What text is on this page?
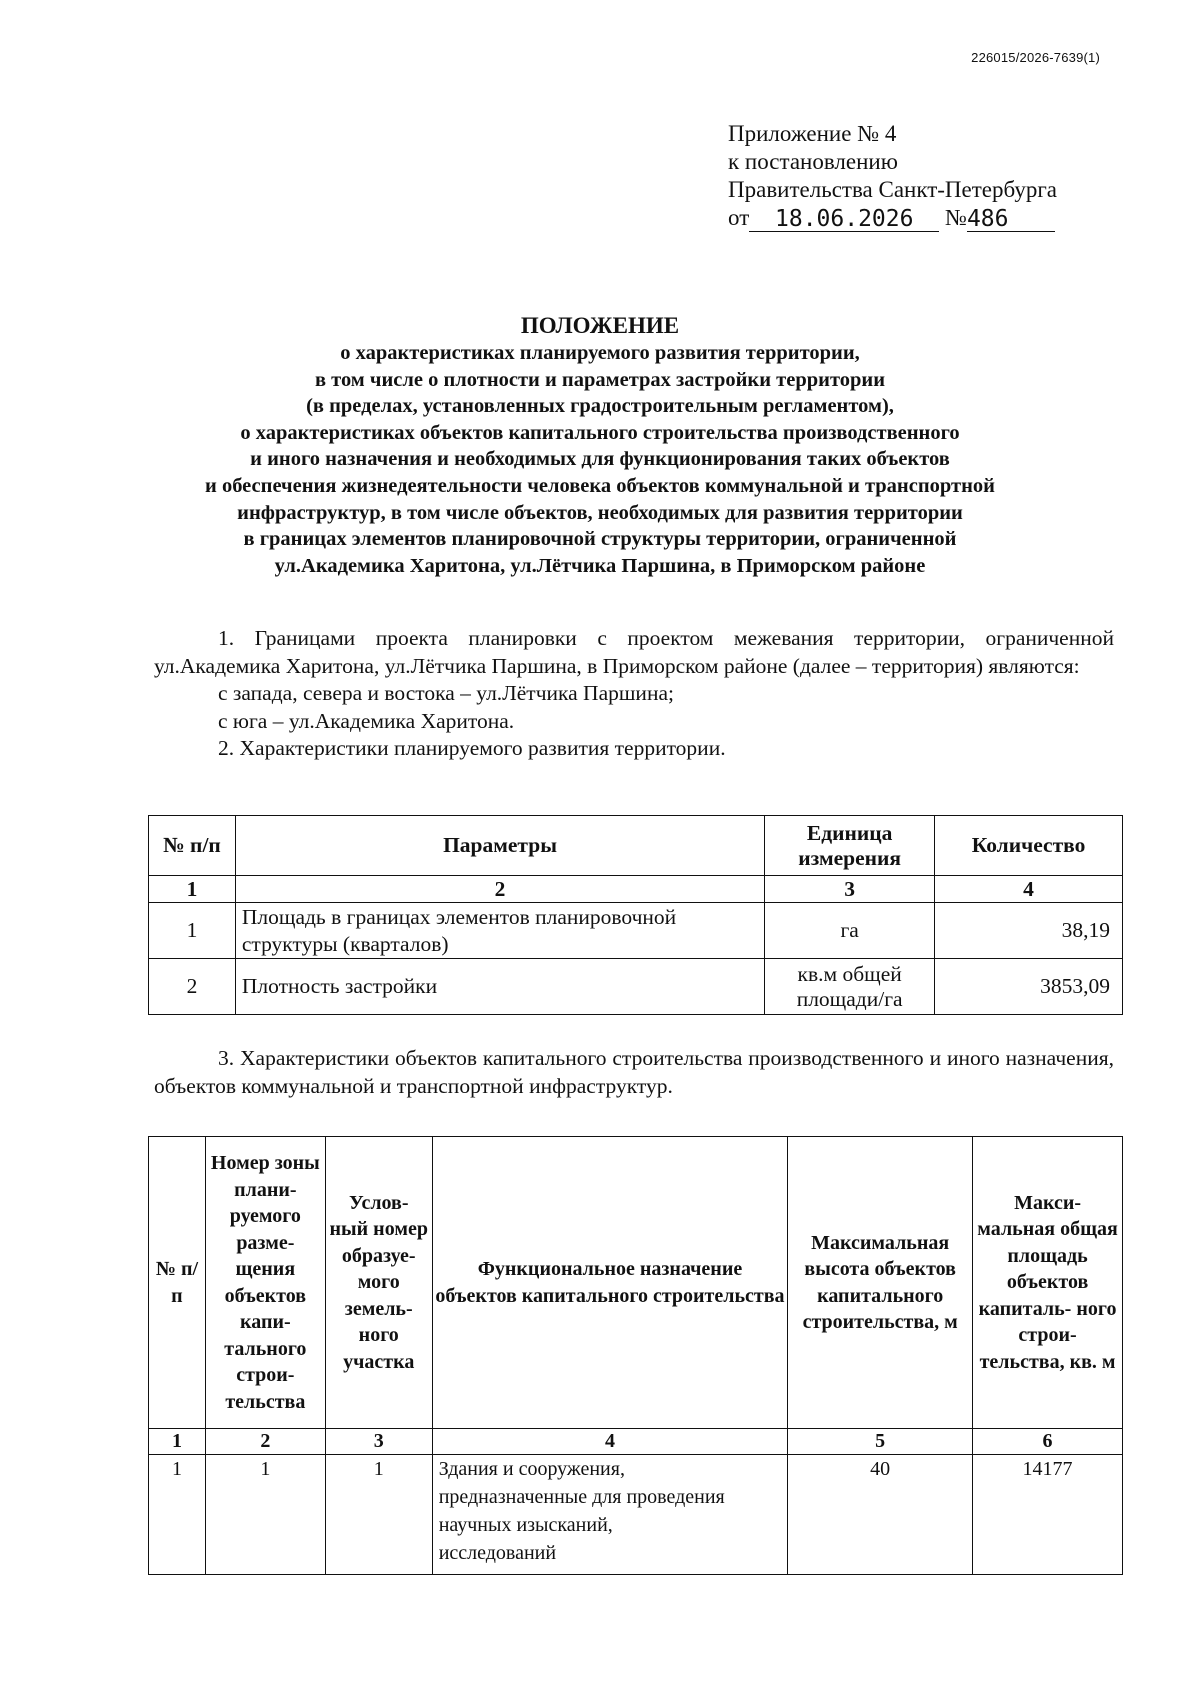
226015/2026-7639(1)
Приложение № 4
к постановлению
Правительства Санкт-Петербурга
от 18.06.2026 №486
ПОЛОЖЕНИЕ
о характеристиках планируемого развития территории,
в том числе о плотности и параметрах застройки территории
(в пределах, установленных градостроительным регламентом),
о характеристиках объектов капитального строительства производственного
и иного назначения и необходимых для функционирования таких объектов
и обеспечения жизнедеятельности человека объектов коммунальной и транспортной
инфраструктур, в том числе объектов, необходимых для развития территории
в границах элементов планировочной структуры территории, ограниченной
ул.Академика Харитона, ул.Лётчика Паршина, в Приморском районе
1. Границами проекта планировки с проектом межевания территории, ограниченной ул.Академика Харитона, ул.Лётчика Паршина, в Приморском районе (далее – территория) являются:
с запада, севера и востока – ул.Лётчика Паршина;
с юга – ул.Академика Харитона.
2. Характеристики планируемого развития территории.
№ п/п	Параметры	Единица измерения	Количество
1	2	3	4
1	Площадь в границах элементов планировочной структуры (кварталов)	га	38,19
2	Плотность застройки	кв.м общей площади/га	3853,09
3. Характеристики объектов капитального строительства производственного и иного назначения, объектов коммунальной и транспортной инфраструктур.
№ п/ п	Номер зоны плани- руемого разме- щения объектов капи- тального строи- тельства	Услов- ный номер образуе- мого земель- ного участка	Функциональное назначение объектов капитального строительства	Максимальная высота объектов капитального строительства, м	Макси- мальная общая площадь объектов капиталь- ного строи- тельства, кв. м
1	2	3	4	5	6
1	1	1	Здания и сооружения, предназначенные для проведения научных изысканий, исследований	40	14177
